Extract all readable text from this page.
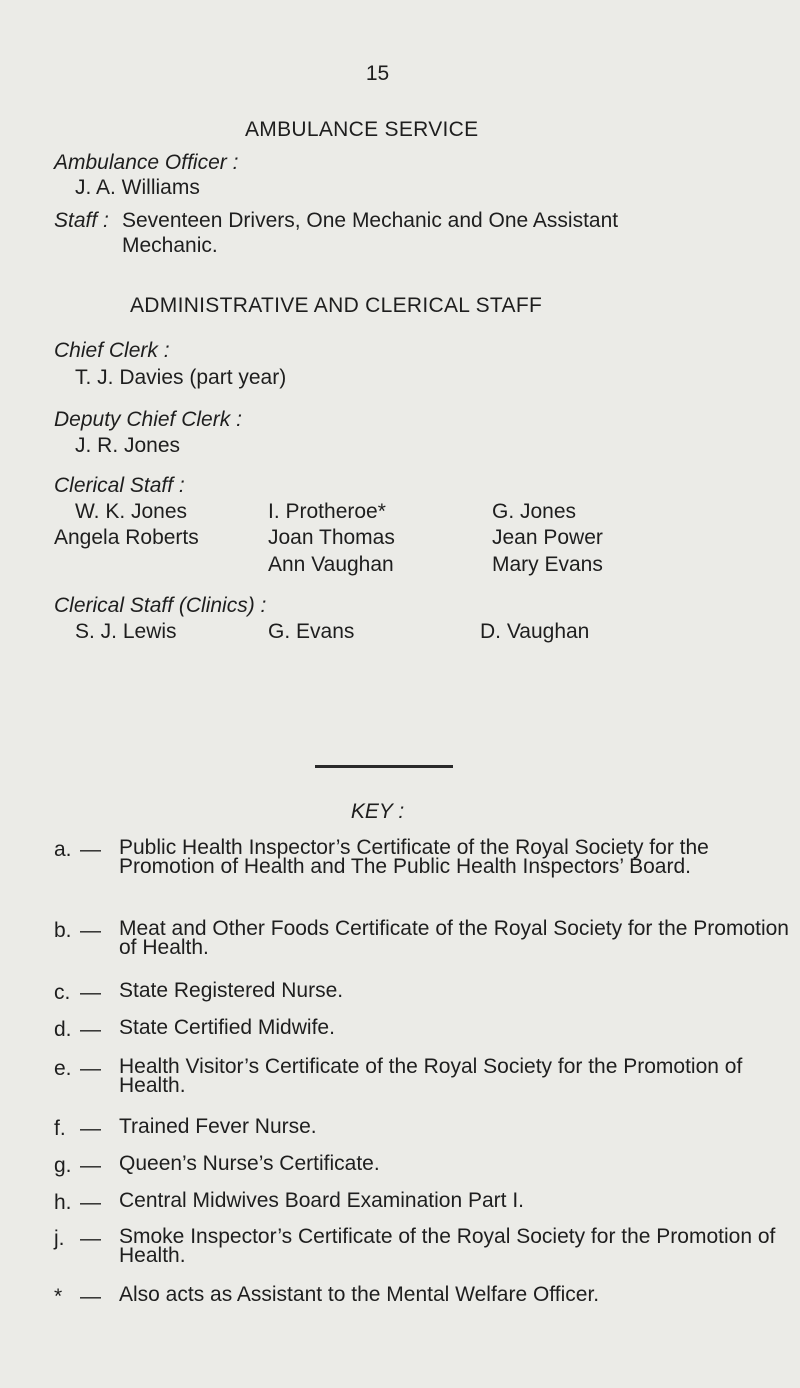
15
AMBULANCE SERVICE
Ambulance Officer :
J. A. Williams
Staff : Seventeen Drivers, One Mechanic and One Assistant
Mechanic.
ADMINISTRATIVE AND CLERICAL STAFF
Chief Clerk :
T. J. Davies (part year)
Deputy Chief Clerk :
J. R. Jones
Clerical Staff :
W. K. Jones
Angela Roberts
I. Protheroe*
Joan Thomas
Ann Vaughan
G. Jones
Jean Power
Mary Evans
Clerical Staff (Clinics) :
S. J. Lewis	G. Evans	D. Vaughan
KEY :
a. — Public Health Inspector’s Certificate of the Royal Society for the Promotion of Health and The Public Health Inspectors’ Board.
b. — Meat and Other Foods Certificate of the Royal Society for the Promotion of Health.
c. — State Registered Nurse.
d. — State Certified Midwife.
e. — Health Visitor’s Certificate of the Royal Society for the Promotion of Health.
f. — Trained Fever Nurse.
g. — Queen’s Nurse’s Certificate.
h. — Central Midwives Board Examination Part I.
j. — Smoke Inspector’s Certificate of the Royal Society for the Promotion of Health.
* — Also acts as Assistant to the Mental Welfare Officer.
